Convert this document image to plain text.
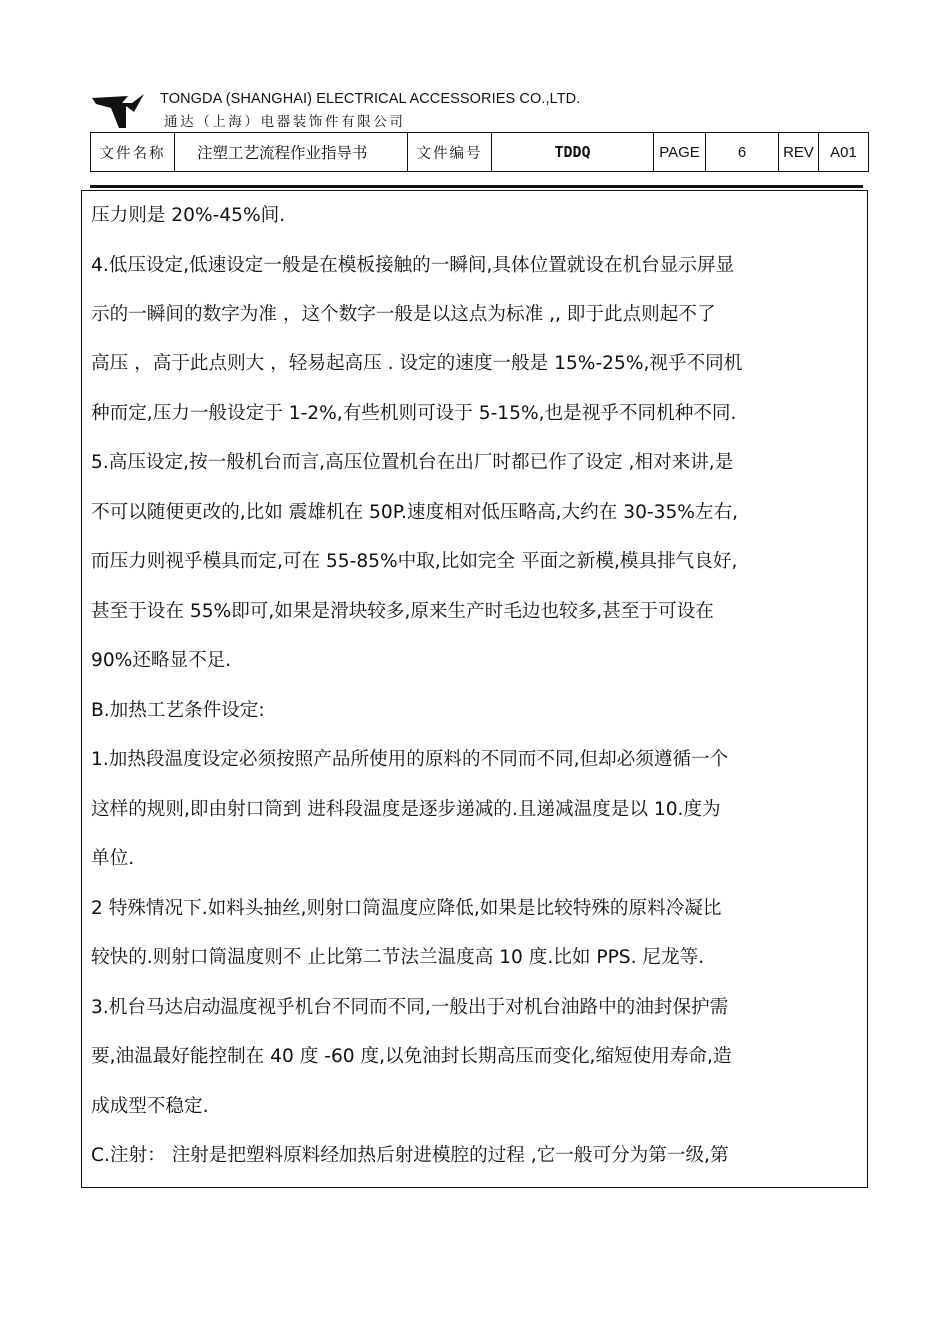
TONGDA (SHANGHAI) ELECTRICAL ACCESSORIES CO.,LTD.
通达（上海）电器装饰件有限公司
文件名称	注塑工艺流程作业指导书	文件编号	TDDQ	PAGE	6	REV	A01
压力则是 20%-45%间.
4.低压设定,低速设定一般是在模板接触的一瞬间,具体位置就设在机台显示屏显
示的一瞬间的数字为准 ，这个数字一般是以这点为标准 ,, 即于此点则起不了
高压 ，高于此点则大 ，轻易起高压 . 设定的速度一般是 15%-25%,视乎不同机
种而定,压力一般设定于 1-2%,有些机则可设于 5-15%,也是视乎不同机种不同.
5.高压设定,按一般机台而言,高压位置机台在出厂时都已作了设定 ,相对来讲,是
不可以随便更改的,比如 震雄机在 50P.速度相对低压略高,大约在 30-35%左右,
而压力则视乎模具而定,可在 55-85%中取,比如完全 平面之新模,模具排气良好,
甚至于设在 55%即可,如果是滑块较多,原来生产时毛边也较多,甚至于可设在
90%还略显不足.
B.加热工艺条件设定:
1.加热段温度设定必须按照产品所使用的原料的不同而不同,但却必须遵循一个
这样的规则,即由射口筒到 进科段温度是逐步递减的.且递减温度是以 10.度为
单位.
2 特殊情况下.如料头抽丝,则射口筒温度应降低,如果是比较特殊的原料冷凝比
较快的.则射口筒温度则不 止比第二节法兰温度高 10 度.比如 PPS. 尼龙等.
3.机台马达启动温度视乎机台不同而不同,一般出于对机台油路中的油封保护需
要,油温最好能控制在 40 度 -60 度,以免油封长期高压而变化,缩短使用寿命,造
成成型不稳定.
C.注射： 注射是把塑料原料经加热后射进模腔的过程 ,它一般可分为第一级,第
